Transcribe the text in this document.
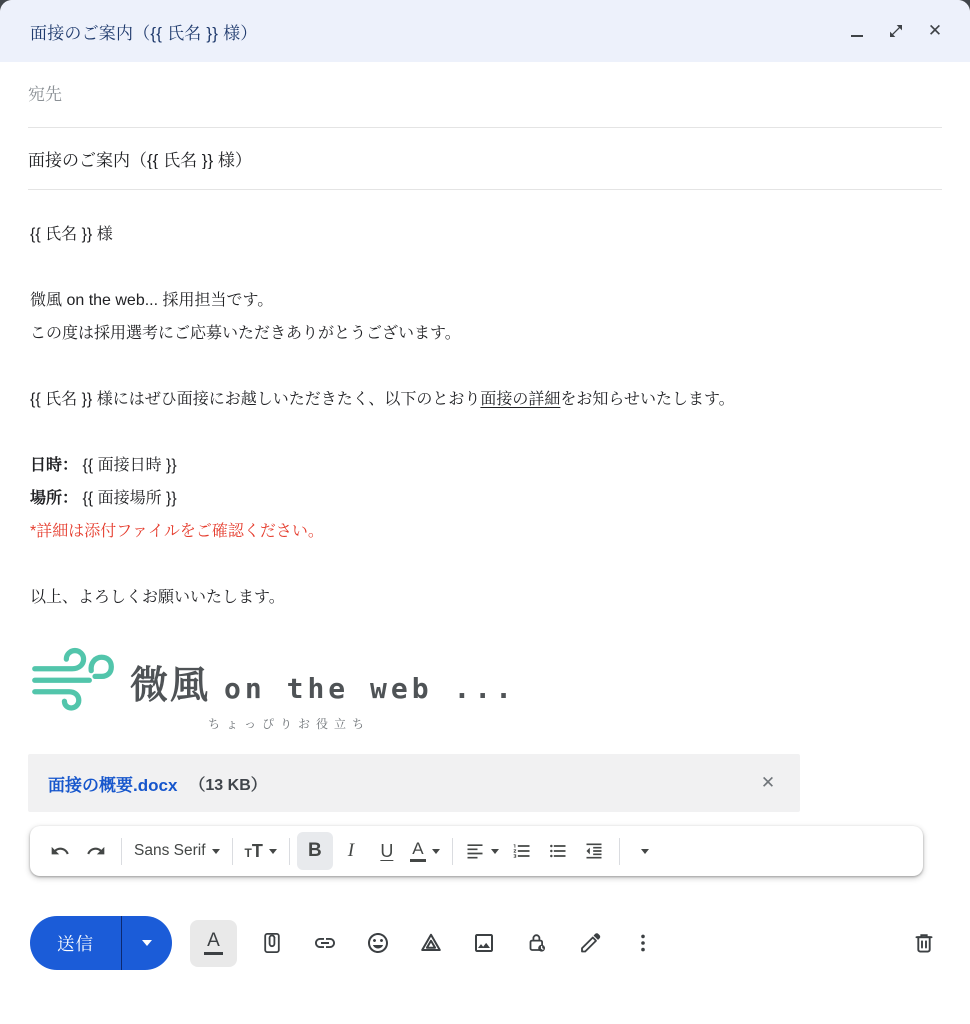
面接のご案内（{{ 氏名 }} 様）	✕
宛先
面接のご案内（{{ 氏名 }} 様）
{{ 氏名 }} 様
微風 on the web... 採用担当です。
この度は採用選考にご応募いただきありがとうございます。
{{ 氏名 }} 様にはぜひ面接にお越しいただきたく、以下のとおり面接の詳細をお知らせいたします。
日時： {{ 面接日時 }}
場所： {{ 面接場所 }}
*詳細は添付ファイルをご確認ください。
以上、よろしくお願いいたします。
微風 on the web ...
ちょっぴりお役立ち
面接の概要.docx （13 KB）	✕
Sans Serif	TT B I U A
送信	A
